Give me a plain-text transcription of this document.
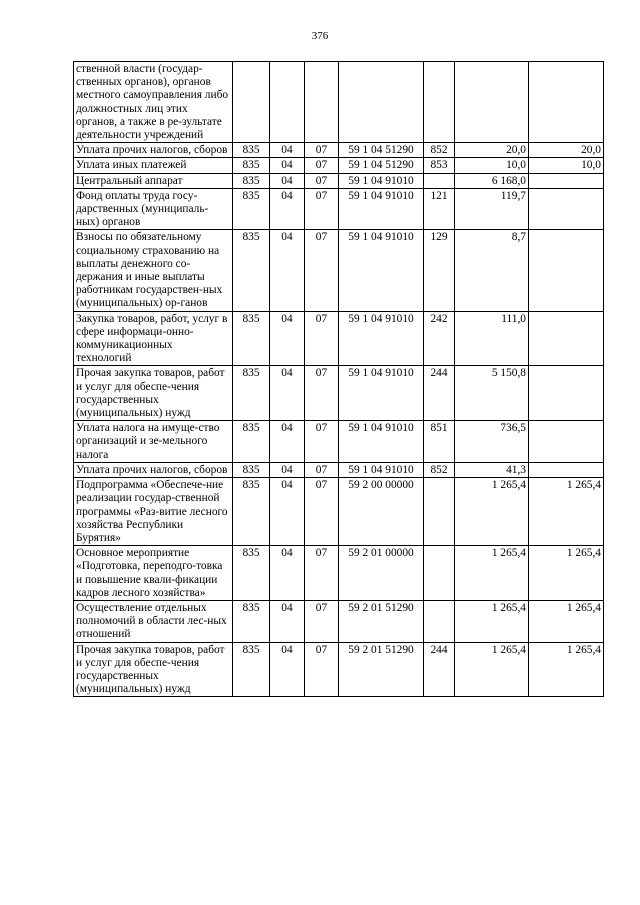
376
ственной власти (государ-ственных органов), органов местного самоуправления либо должностных лиц этих органов, а также в ре-зультате деятельности учреждений							
Уплата прочих налогов, сборов	835	04	07	59 1 04 51290	852	20,0	20,0
Уплата иных платежей	835	04	07	59 1 04 51290	853	10,0	10,0
Центральный аппарат	835	04	07	59 1 04 91010		6 168,0	
Фонд оплаты труда госу-дарственных (муниципаль-ных) органов	835	04	07	59 1 04 91010	121	119,7	
Взносы по обязательному социальному страхованию на выплаты денежного со-держания и иные выплаты работникам государствен-ных (муниципальных) ор-ганов	835	04	07	59 1 04 91010	129	8,7	
Закупка товаров, работ, услуг в сфере информаци-онно-коммуникационных технологий	835	04	07	59 1 04 91010	242	111,0	
Прочая закупка товаров, работ и услуг для обеспе-чения государственных (муниципальных) нужд	835	04	07	59 1 04 91010	244	5 150,8	
Уплата налога на имуще-ство организаций и зе-мельного налога	835	04	07	59 1 04 91010	851	736,5	
Уплата прочих налогов, сборов	835	04	07	59 1 04 91010	852	41,3	
Подпрограмма «Обеспече-ние реализации государ-ственной программы «Раз-витие лесного хозяйства Республики Бурятия»	835	04	07	59 2 00 00000		1 265,4	1 265,4
Основное мероприятие «Подготовка, переподго-товка и повышение квали-фикации кадров лесного хозяйства»	835	04	07	59 2 01 00000		1 265,4	1 265,4
Осуществление отдельных полномочий в области лес-ных отношений	835	04	07	59 2 01 51290		1 265,4	1 265,4
Прочая закупка товаров, работ и услуг для обеспе-чения государственных (муниципальных) нужд	835	04	07	59 2 01 51290	244	1 265,4	1 265,4
